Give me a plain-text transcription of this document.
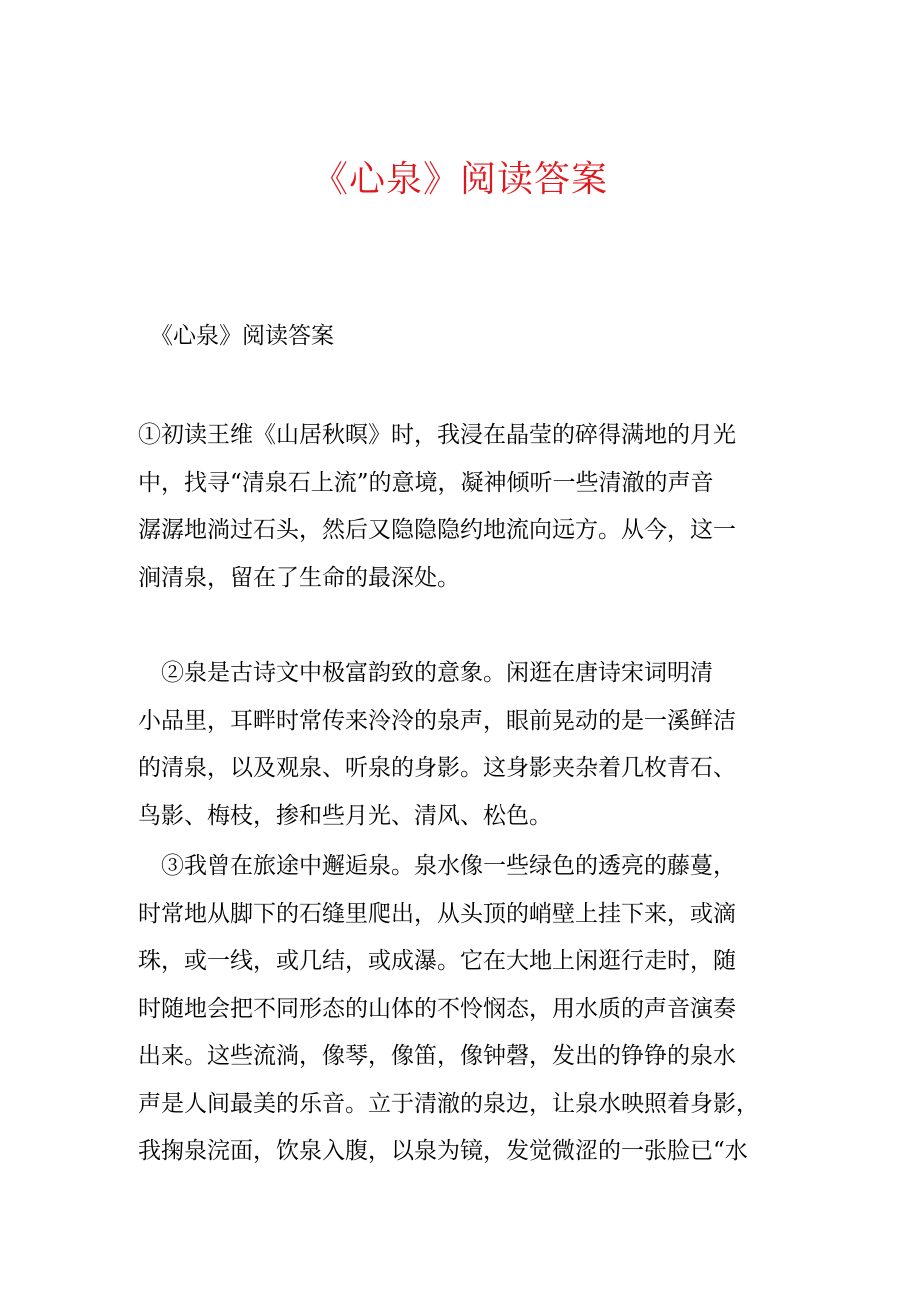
《心泉》阅读答案
《心泉》阅读答案
①初读王维《山居秋暝》时，我浸在晶莹的碎得满地的月光
中，找寻“清泉石上流”的意境，凝神倾听一些清澈的声音
潺潺地淌过石头，然后又隐隐隐约地流向远方。从今，这一
涧清泉，留在了生命的最深处。
　②泉是古诗文中极富韵致的意象。闲逛在唐诗宋词明清
小品里，耳畔时常传来泠泠的泉声，眼前晃动的是一溪鲜洁
的清泉，以及观泉、听泉的身影。这身影夹杂着几枚青石、
鸟影、梅枝，掺和些月光、清风、松色。
　③我曾在旅途中邂逅泉。泉水像一些绿色的透亮的藤蔓，
时常地从脚下的石缝里爬出，从头顶的峭壁上挂下来，或滴
珠，或一线，或几结，或成瀑。它在大地上闲逛行走时，随
时随地会把不同形态的山体的不怜悯态，用水质的声音演奏
出来。这些流淌，像琴，像笛，像钟磬，发出的铮铮的泉水
声是人间最美的乐音。立于清澈的泉边，让泉水映照着身影，
我掬泉浣面，饮泉入腹，以泉为镜，发觉微涩的一张脸已“水
